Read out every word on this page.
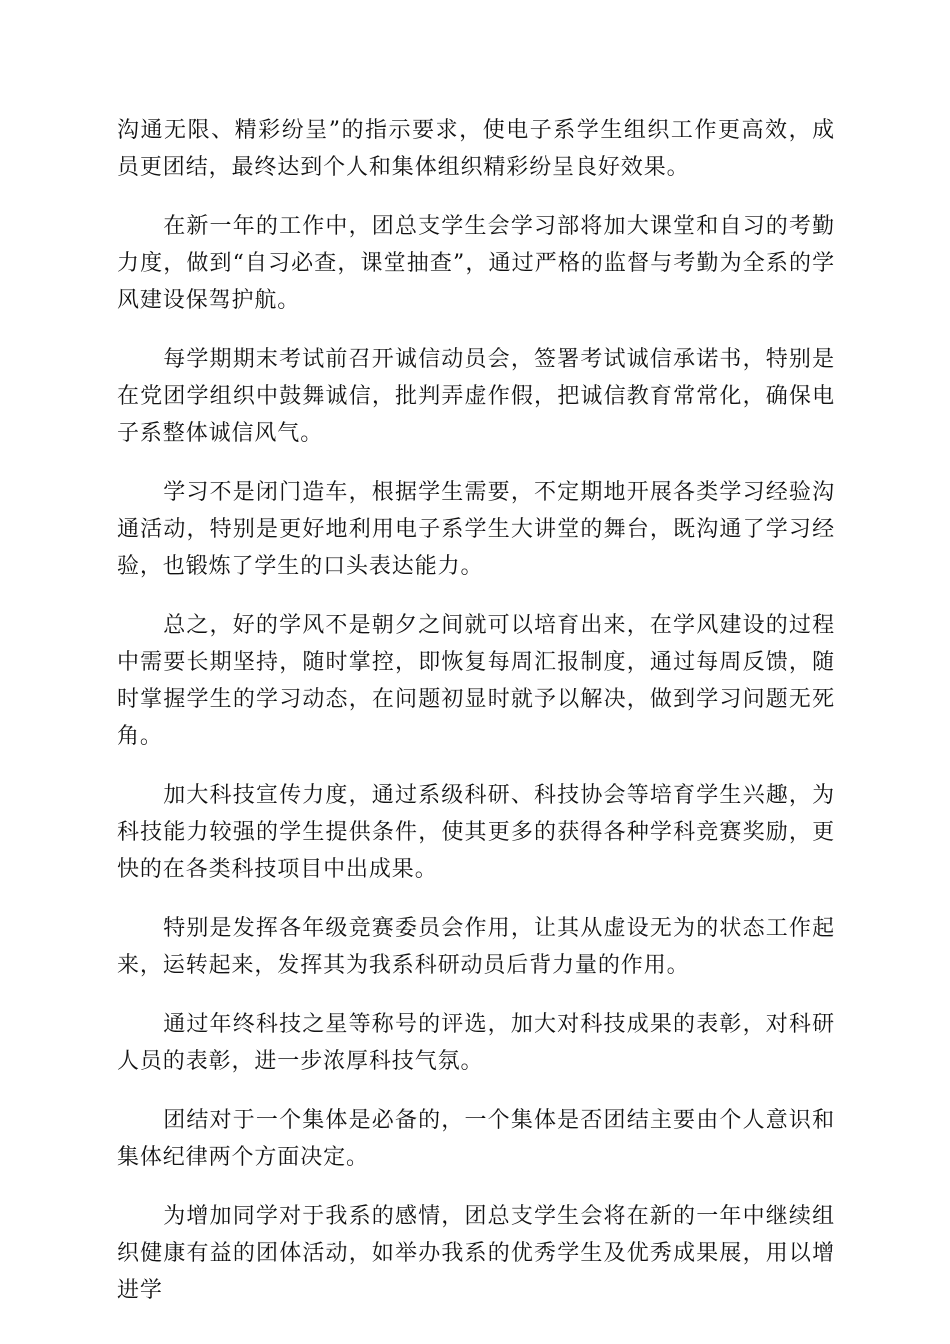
沟通无限、精彩纷呈”的指示要求，使电子系学生组织工作更高效，成员更团结，最终达到个人和集体组织精彩纷呈良好效果。

在新一年的工作中，团总支学生会学习部将加大课堂和自习的考勤力度，做到“自习必查，课堂抽查”，通过严格的监督与考勤为全系的学风建设保驾护航。

每学期期末考试前召开诚信动员会，签署考试诚信承诺书，特别是在党团学组织中鼓舞诚信，批判弄虚作假，把诚信教育常常化，确保电子系整体诚信风气。

学习不是闭门造车，根据学生需要，不定期地开展各类学习经验沟通活动，特别是更好地利用电子系学生大讲堂的舞台，既沟通了学习经验，也锻炼了学生的口头表达能力。

总之，好的学风不是朝夕之间就可以培育出来，在学风建设的过程中需要长期坚持，随时掌控，即恢复每周汇报制度，通过每周反馈，随时掌握学生的学习动态，在问题初显时就予以解决，做到学习问题无死角。

加大科技宣传力度，通过系级科研、科技协会等培育学生兴趣，为科技能力较强的学生提供条件，使其更多的获得各种学科竞赛奖励，更快的在各类科技项目中出成果。

特别是发挥各年级竞赛委员会作用，让其从虚设无为的状态工作起来，运转起来，发挥其为我系科研动员后背力量的作用。

通过年终科技之星等称号的评选，加大对科技成果的表彰，对科研人员的表彰，进一步浓厚科技气氛。

团结对于一个集体是必备的，一个集体是否团结主要由个人意识和集体纪律两个方面决定。

为增加同学对于我系的感情，团总支学生会将在新的一年中继续组织健康有益的团体活动，如举办我系的优秀学生及优秀成果展，用以增进学
